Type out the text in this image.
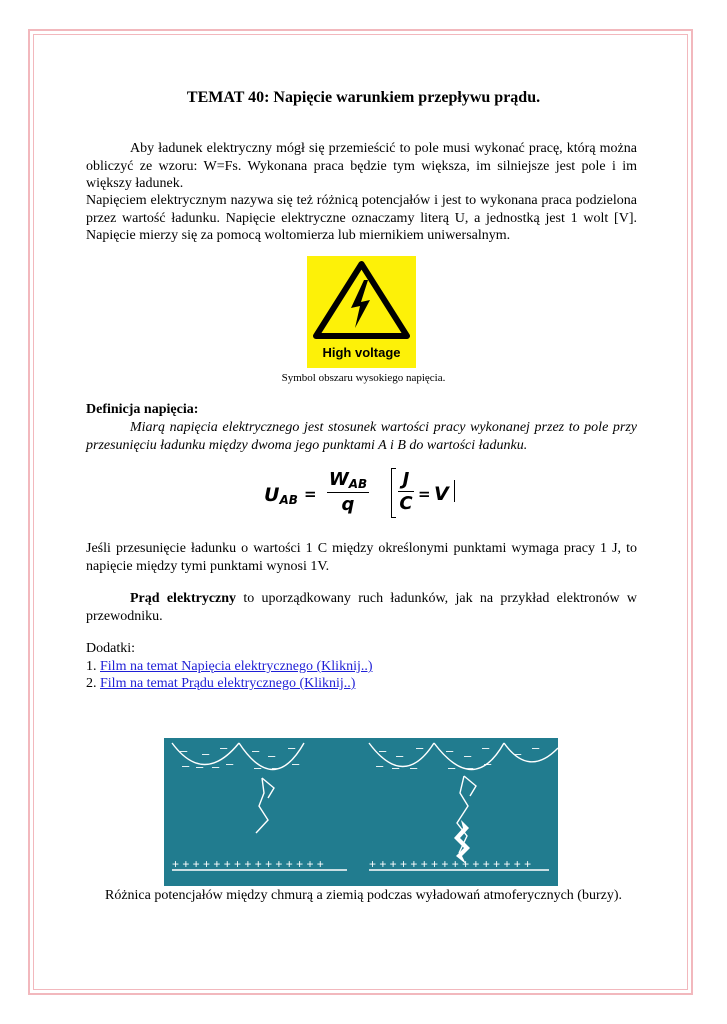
TEMAT 40: Napięcie warunkiem przepływu prądu.
Aby ładunek elektryczny mógł się przemieścić to pole musi wykonać pracę, którą można obliczyć ze wzoru: W=Fs. Wykonana praca będzie tym większa, im silniejsze jest pole i im większy ładunek.
Napięciem elektrycznym nazywa się też różnicą potencjałów i jest to wykonana praca podzielona przez wartość ładunku. Napięcie elektryczne oznaczamy literą U, a jednostką jest 1 wolt [V]. Napięcie mierzy się za pomocą woltomierza lub miernikiem uniwersalnym.
High voltage
Symbol obszaru wysokiego napięcia.
Definicja napięcia:
Miarą napięcia elektrycznego jest stosunek wartości pracy wykonanej przez to pole przy przesunięciu ładunku między dwoma jego punktami A i B do wartości ładunku.
UAB =
WAB
q
J
C = V
Jeśli przesunięcie ładunku o wartości 1 C między określonymi punktami wymaga pracy 1 J, to napięcie między tymi punktami wynosi 1V.
Prąd elektryczny to uporządkowany ruch ładunków, jak na przykład elektronów w przewodniku.
Dodatki:
1. Film na temat Napięcia elektrycznego (Kliknij..)
2. Film na temat Prądu elektrycznego (Kliknij..)
– – –
– – – –
– –
–
– – –
– –
–
– – –
– –
–
– – –
– –
+ + + + + + + + + + + + + + +	+ + + + + + + + + + + + + + + +
Różnica potencjałów między chmurą a ziemią podczas wyładowań atmoferycznych (burzy).
